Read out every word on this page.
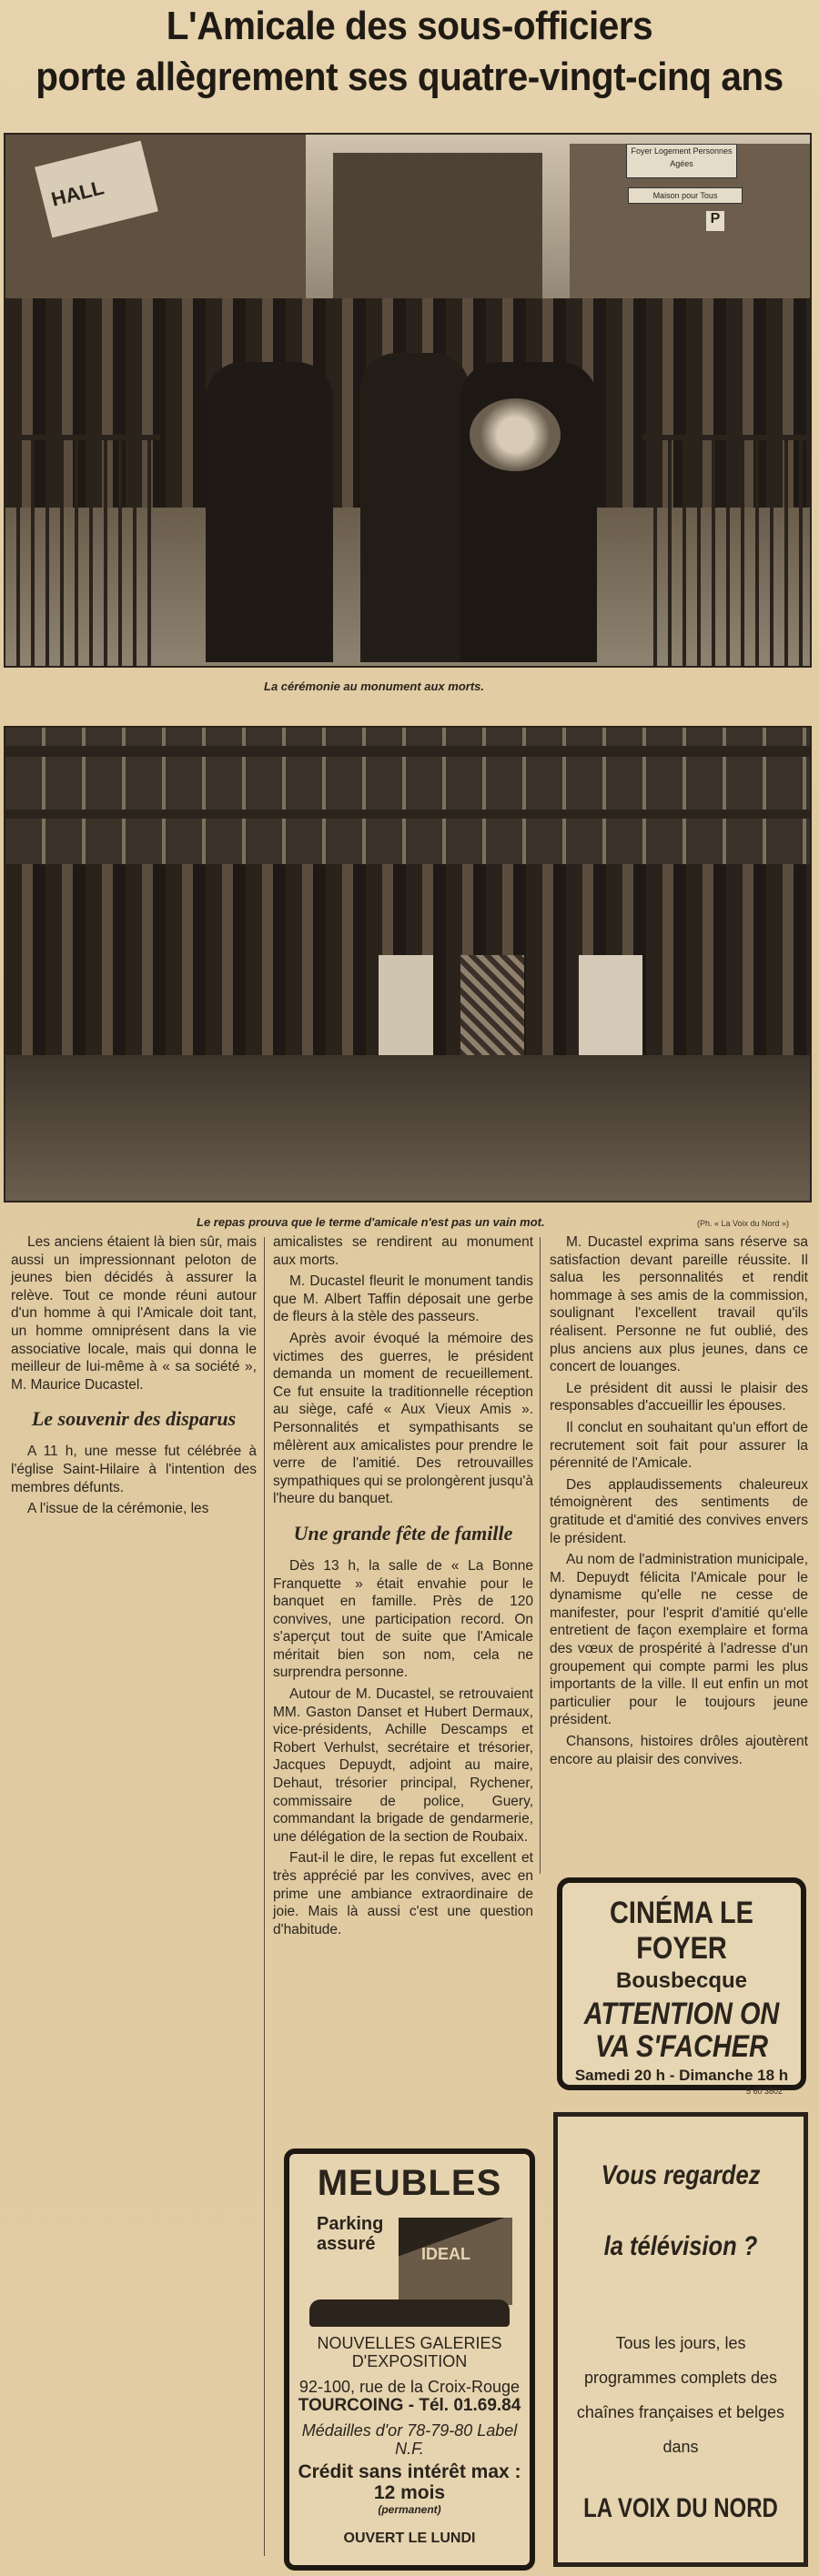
L'Amicale des sous-officiers
porte allègrement ses quatre-vingt-cinq ans
HALL
Foyer Logement Personnes Agées
Maison pour Tous
P
La cérémonie au monument aux morts.
Le repas prouva que le terme d'amicale n'est pas un vain mot.	(Ph. « La Voix du Nord »)

Les anciens étaient là bien sûr, mais aussi un impressionnant peloton de jeunes bien décidés à assurer la relève. Tout ce monde réuni autour d'un homme à qui l'Amicale doit tant, un homme omniprésent dans la vie associative locale, mais qui donna le meilleur de lui-même à « sa société », M. Maurice Ducastel.

Le souvenir des disparus

A 11 h, une messe fut célébrée à l'église Saint-Hilaire à l'intention des membres défunts.

A l'issue de la cérémonie, les

amicalistes se rendirent au monument aux morts.

M. Ducastel fleurit le monument tandis que M. Albert Taffin déposait une gerbe de fleurs à la stèle des passeurs.

Après avoir évoqué la mémoire des victimes des guerres, le président demanda un moment de recueillement. Ce fut ensuite la traditionnelle réception au siège, café « Aux Vieux Amis ». Personnalités et sympathisants se mêlèrent aux amicalistes pour prendre le verre de l'amitié. Des retrouvailles sympathiques qui se prolongèrent jusqu'à l'heure du banquet.

Une grande fête de famille

Dès 13 h, la salle de « La Bonne Franquette » était envahie pour le banquet en famille. Près de 120 convives, une participation record. On s'aperçut tout de suite que l'Amicale méritait bien son nom, cela ne surprendra personne.

Autour de M. Ducastel, se retrouvaient MM. Gaston Danset et Hubert Dermaux, vice-présidents, Achille Descamps et Robert Verhulst, secrétaire et trésorier, Jacques Depuydt, adjoint au maire, Dehaut, trésorier principal, Rychener, commissaire de police, Guery, commandant la brigade de gendarmerie, une délégation de la section de Roubaix.

Faut-il le dire, le repas fut excellent et très apprécié par les convives, avec en prime une ambiance extraordinaire de joie. Mais là aussi c'est une question d'habitude.

M. Ducastel exprima sans réserve sa satisfaction devant pareille réussite. Il salua les personnalités et rendit hommage à ses amis de la commission, soulignant l'excellent travail qu'ils réalisent. Personne ne fut oublié, des plus anciens aux plus jeunes, dans ce concert de louanges.

Le président dit aussi le plaisir des responsables d'accueillir les épouses.

Il conclut en souhaitant qu'un effort de recrutement soit fait pour assurer la pérennité de l'Amicale.

Des applaudissements chaleureux témoignèrent des sentiments de gratitude et d'amitié des convives envers le président.

Au nom de l'administration municipale, M. Depuydt félicita l'Amicale pour le dynamisme qu'elle ne cesse de manifester, pour l'esprit d'amitié qu'elle entretient de façon exemplaire et forma des vœux de prospérité à l'adresse d'un groupement qui compte parmi les plus importants de la ville. Il eut enfin un mot particulier pour le toujours jeune président.

Chansons, histoires drôles ajoutèrent encore au plaisir des convives.

CINÉMA LE FOYER
Bousbecque
ATTENTION ON VA S'FACHER
Samedi 20 h - Dimanche 18 h
5 60 3802
MEUBLES
Parking assuré	IDEAL
NOUVELLES GALERIES D'EXPOSITION
92-100, rue de la Croix-Rouge
TOURCOING - Tél. 01.69.84
Médailles d'or 78-79-80 Label N.F.
Crédit sans intérêt max : 12 mois
(permanent)
OUVERT LE LUNDI
Vous regardez
la télévision ?
Tous les jours, les programmes complets des chaînes françaises et belges dans
LA VOIX DU NORD
